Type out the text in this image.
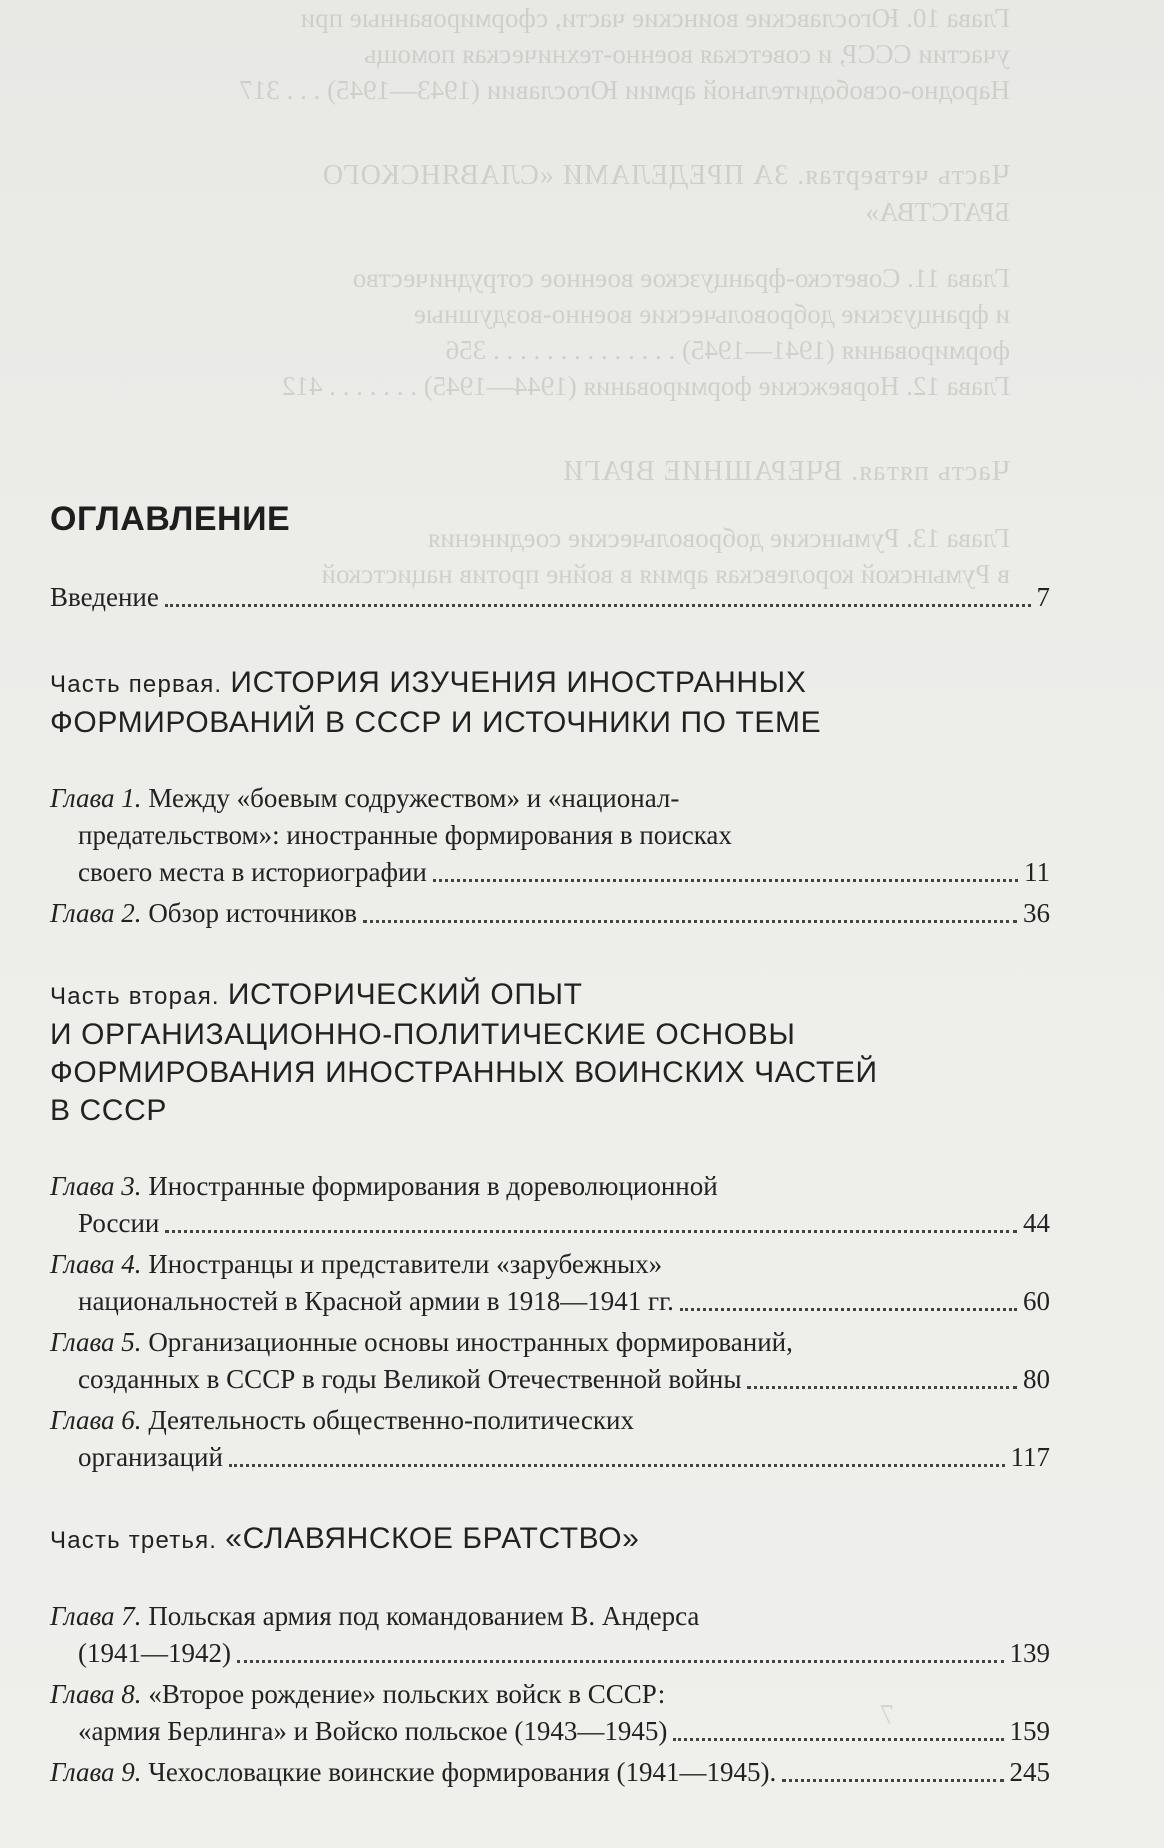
Глава 10. Югославские воинские части, сформированные при

участии СССР, и советская военно-техническая помощь

Народно-освободительной армии Югославии (1943—1945) . . . 317

Часть четвертая. ЗА ПРЕДЕЛАМИ «СЛАВЯНСКОГО

БРАТСТВА»

Глава 11. Советско-французское военное сотрудничество

и французские добровольческие военно-воздушные

формирования (1941—1945) . . . . . . . . . . . . . . 356

Глава 12. Норвежские формирования (1944—1945) . . . . . . . 412

Часть пятая. ВЧЕРАШНИЕ ВРАГИ

Глава 13. Румынские добровольческие соединения

в Румынской королевская армия в войне против нацистской

7
ОГЛАВЛЕНИЕ
Введение	7
Часть первая. ИСТОРИЯ ИЗУЧЕНИЯ ИНОСТРАННЫХ
ФОРМИРОВАНИЙ В СССР И ИСТОЧНИКИ ПО ТЕМЕ
Глава 1. Между «боевым содружеством» и «национал-
предательством»: иностранные формирования в поисках
своего места в историографии	11
Глава 2. Обзор источников	36
Часть вторая. ИСТОРИЧЕСКИЙ ОПЫТ
И ОРГАНИЗАЦИОННО-ПОЛИТИЧЕСКИЕ ОСНОВЫ
ФОРМИРОВАНИЯ ИНОСТРАННЫХ ВОИНСКИХ ЧАСТЕЙ
В СССР
Глава 3. Иностранные формирования в дореволюционной
России	44
Глава 4. Иностранцы и представители «зарубежных»
национальностей в Красной армии в 1918—1941 гг.	60
Глава 5. Организационные основы иностранных формирований,
созданных в СССР в годы Великой Отечественной войны	80
Глава 6. Деятельность общественно-политических
организаций	117
Часть третья. «СЛАВЯНСКОЕ БРАТСТВО»
Глава 7. Польская армия под командованием В. Андерса
(1941—1942)	139
Глава 8. «Второе рождение» польских войск в СССР:
«армия Берлинга» и Войско польское (1943—1945)	159
Глава 9. Чехословацкие воинские формирования (1941—1945).	245
